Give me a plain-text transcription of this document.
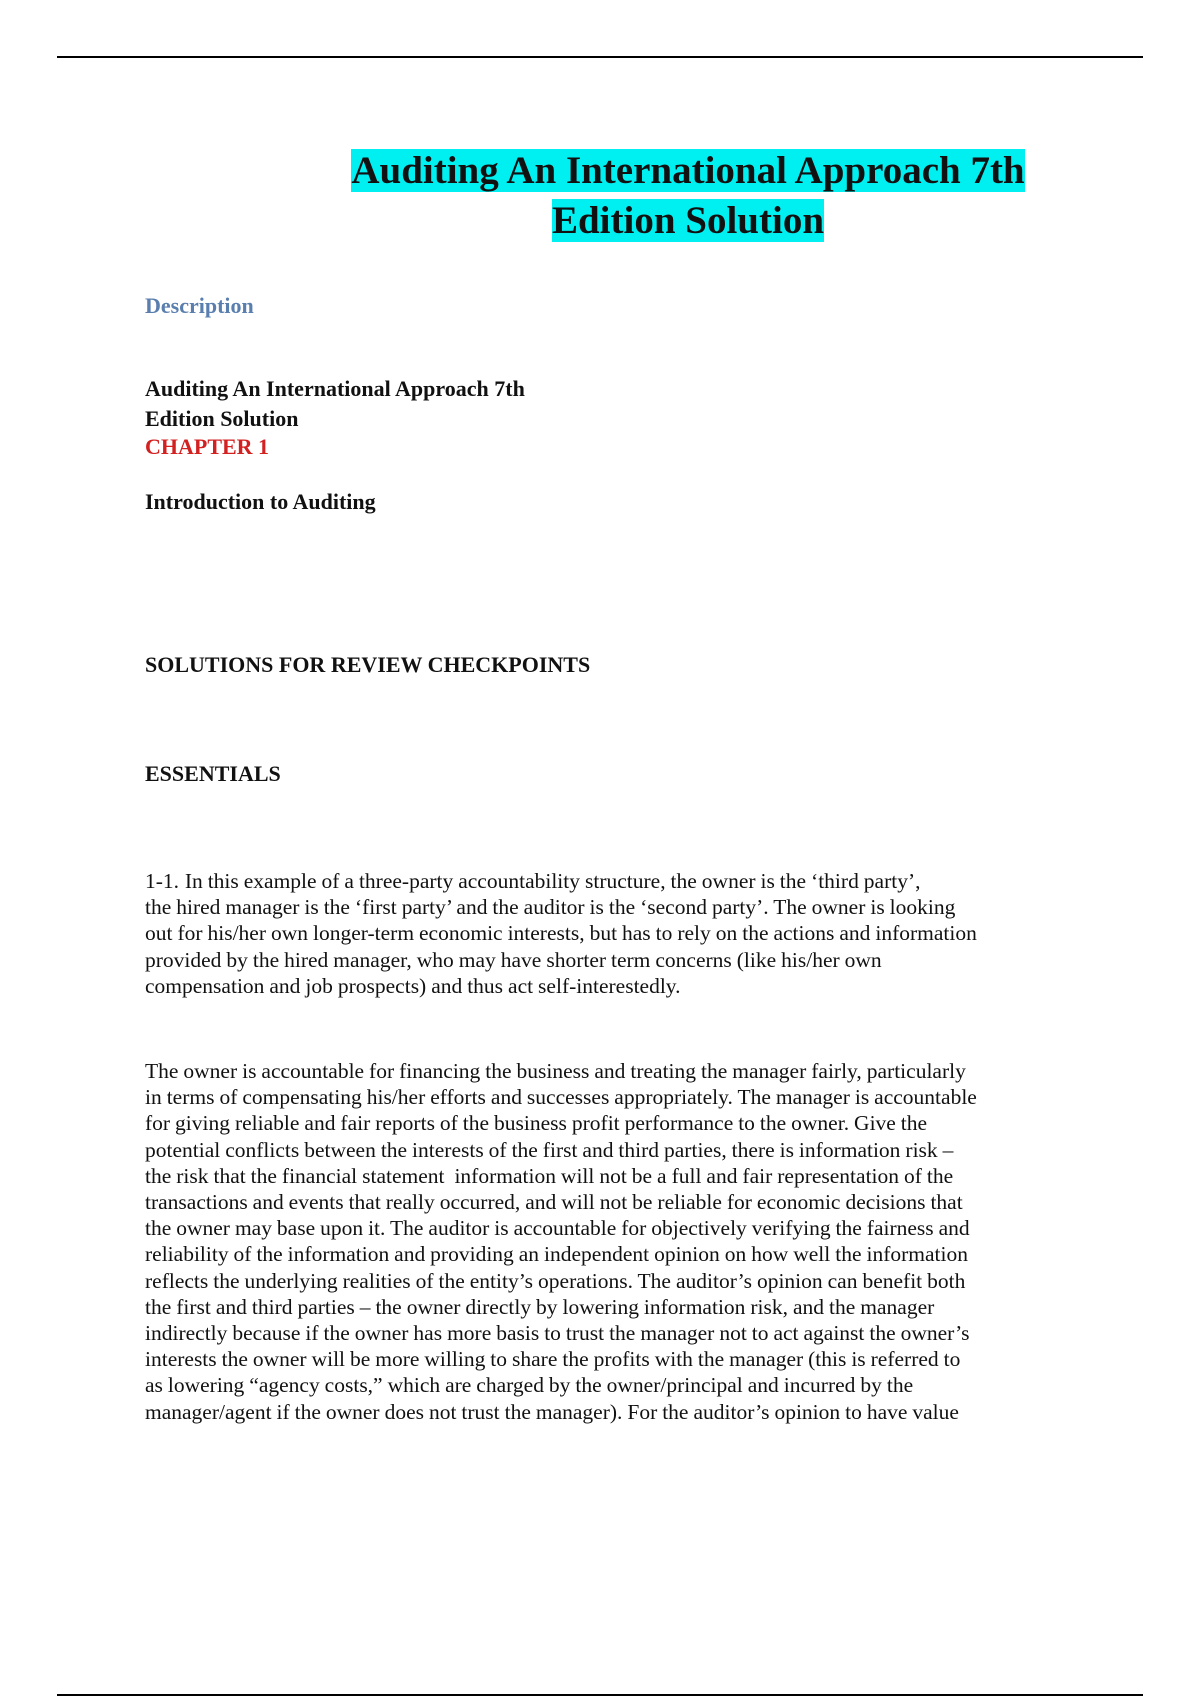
Auditing An International Approach 7th
Edition Solution
Description
Auditing An International Approach 7th
Edition Solution
CHAPTER 1
Introduction to Auditing
SOLUTIONS FOR REVIEW CHECKPOINTS
ESSENTIALS
1-1.	In this example of a three-party accountability structure, the owner is the ‘third party’,
the hired manager is the ‘first party’ and the auditor is the ‘second party’. The owner is looking
out for his/her own longer-term economic interests, but has to rely on the actions and information
provided by the hired manager, who may have shorter term concerns (like his/her own
compensation and job prospects) and thus act self-interestedly.
The owner is accountable for financing the business and treating the manager fairly, particularly
in terms of compensating his/her efforts and successes appropriately. The manager is accountable
for giving reliable and fair reports of the business profit performance to the owner. Give the
potential conflicts between the interests of the first and third parties, there is information risk –
the risk that the financial statement  information will not be a full and fair representation of the
transactions and events that really occurred, and will not be reliable for economic decisions that
the owner may base upon it. The auditor is accountable for objectively verifying the fairness and
reliability of the information and providing an independent opinion on how well the information
reflects the underlying realities of the entity’s operations. The auditor’s opinion can benefit both
the first and third parties – the owner directly by lowering information risk, and the manager
indirectly because if the owner has more basis to trust the manager not to act against the owner’s
interests the owner will be more willing to share the profits with the manager (this is referred to
as lowering “agency costs,” which are charged by the owner/principal and incurred by the
manager/agent if the owner does not trust the manager). For the auditor’s opinion to have value
